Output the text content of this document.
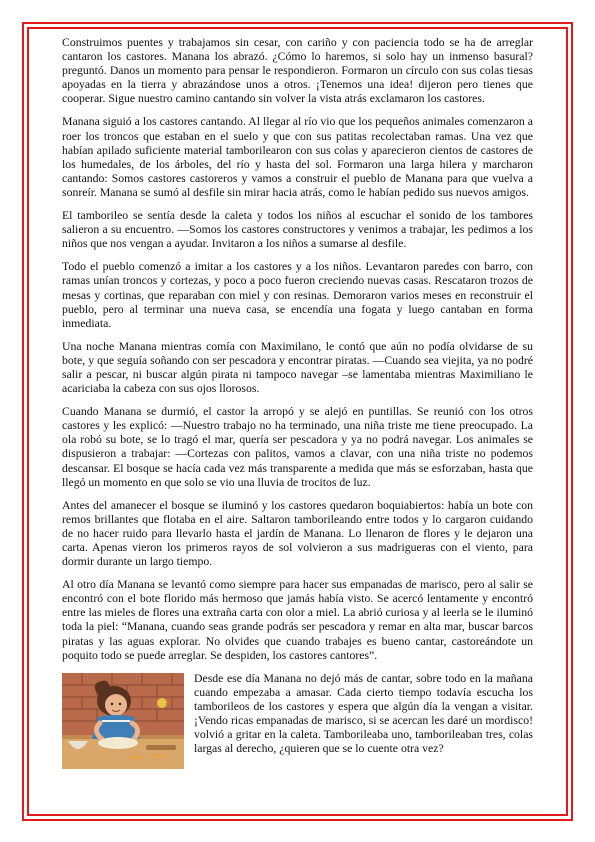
Construimos puentes y trabajamos sin cesar, con cariño y con paciencia todo se ha de arreglar cantaron los castores. Manana los abrazó. ¿Cómo lo haremos, si solo hay un inmenso basural? preguntó. Danos un momento para pensar le respondieron. Formaron un círculo con sus colas tiesas apoyadas en la tierra y abrazándose unos a otros. ¡Tenemos una idea! dijeron pero tienes que cooperar. Sigue nuestro camino cantando sin volver la vista atrás exclamaron los castores.

Manana siguió a los castores cantando. Al llegar al río vio que los pequeños animales comenzaron a roer los troncos que estaban en el suelo y que con sus patitas recolectaban ramas. Una vez que habían apilado suficiente material tamborilearon con sus colas y aparecieron cientos de castores de los humedales, de los árboles, del río y hasta del sol. Formaron una larga hilera y marcharon cantando: Somos castores castoreros y vamos a construir el pueblo de Manana para que vuelva a sonreír. Manana se sumó al desfile sin mirar hacia atrás, como le habían pedido sus nuevos amigos.

El tamborileo se sentía desde la caleta y todos los niños al escuchar el sonido de los tambores salieron a su encuentro. —Somos los castores constructores y venimos a trabajar, les pedimos a los niños que nos vengan a ayudar. Invitaron a los niños a sumarse al desfile.

Todo el pueblo comenzó a imitar a los castores y a los niños. Levantaron paredes con barro, con ramas unían troncos y cortezas, y poco a poco fueron creciendo nuevas casas. Rescataron trozos de mesas y cortinas, que reparaban con miel y con resinas. Demoraron varios meses en reconstruir el pueblo, pero al terminar una nueva casa, se encendía una fogata y luego cantaban en forma inmediata.

Una noche Manana mientras comía con Maximilano, le contó que aún no podía olvidarse de su bote, y que seguía soñando con ser pescadora y encontrar piratas. —Cuando sea viejita, ya no podré salir a pescar, ni buscar algún pirata ni tampoco navegar –se lamentaba mientras Maximiliano le acariciaba la cabeza con sus ojos llorosos.

Cuando Manana se durmió, el castor la arropó y se alejó en puntillas. Se reunió con los otros castores y les explicó: —Nuestro trabajo no ha terminado, una niña triste me tiene preocupado. La ola robó su bote, se lo tragó el mar, quería ser pescadora y ya no podrá navegar. Los animales se dispusieron a trabajar: —Cortezas con palitos, vamos a clavar, con una niña triste no podemos descansar. El bosque se hacía cada vez más transparente a medida que más se esforzaban, hasta que llegó un momento en que solo se vio una lluvia de trocitos de luz.

Antes del amanecer el bosque se iluminó y los castores quedaron boquiabiertos: había un bote con remos brillantes que flotaba en el aire. Saltaron tamborileando entre todos y lo cargaron cuidando de no hacer ruido para llevarlo hasta el jardín de Manana. Lo llenaron de flores y le dejaron una carta. Apenas vieron los primeros rayos de sol volvieron a sus madrigueras con el viento, para dormir durante un largo tiempo.

Al otro día Manana se levantó como siempre para hacer sus empanadas de marisco, pero al salir se encontró con el bote florido más hermoso que jamás había visto. Se acercó lentamente y encontró entre las mieles de flores una extraña carta con olor a miel. La abrió curiosa y al leerla se le iluminó toda la piel: “Manana, cuando seas grande podrás ser pescadora y remar en alta mar, buscar barcos piratas y las aguas explorar. No olvides que cuando trabajes es bueno cantar, castoreándote un poquito todo se puede arreglar. Se despiden, los castores cantores”.

Desde ese día Manana no dejó más de cantar, sobre todo en la mañana cuando empezaba a amasar. Cada cierto tiempo todavía escucha los tamborileos de los castores y espera que algún día la vengan a visitar. ¡Vendo ricas empanadas de marisco, si se acercan les daré un mordisco! volvió a gritar en la caleta. Tamborileaba uno, tamborileaban tres, colas largas al derecho, ¿quieren que se lo cuente otra vez?
